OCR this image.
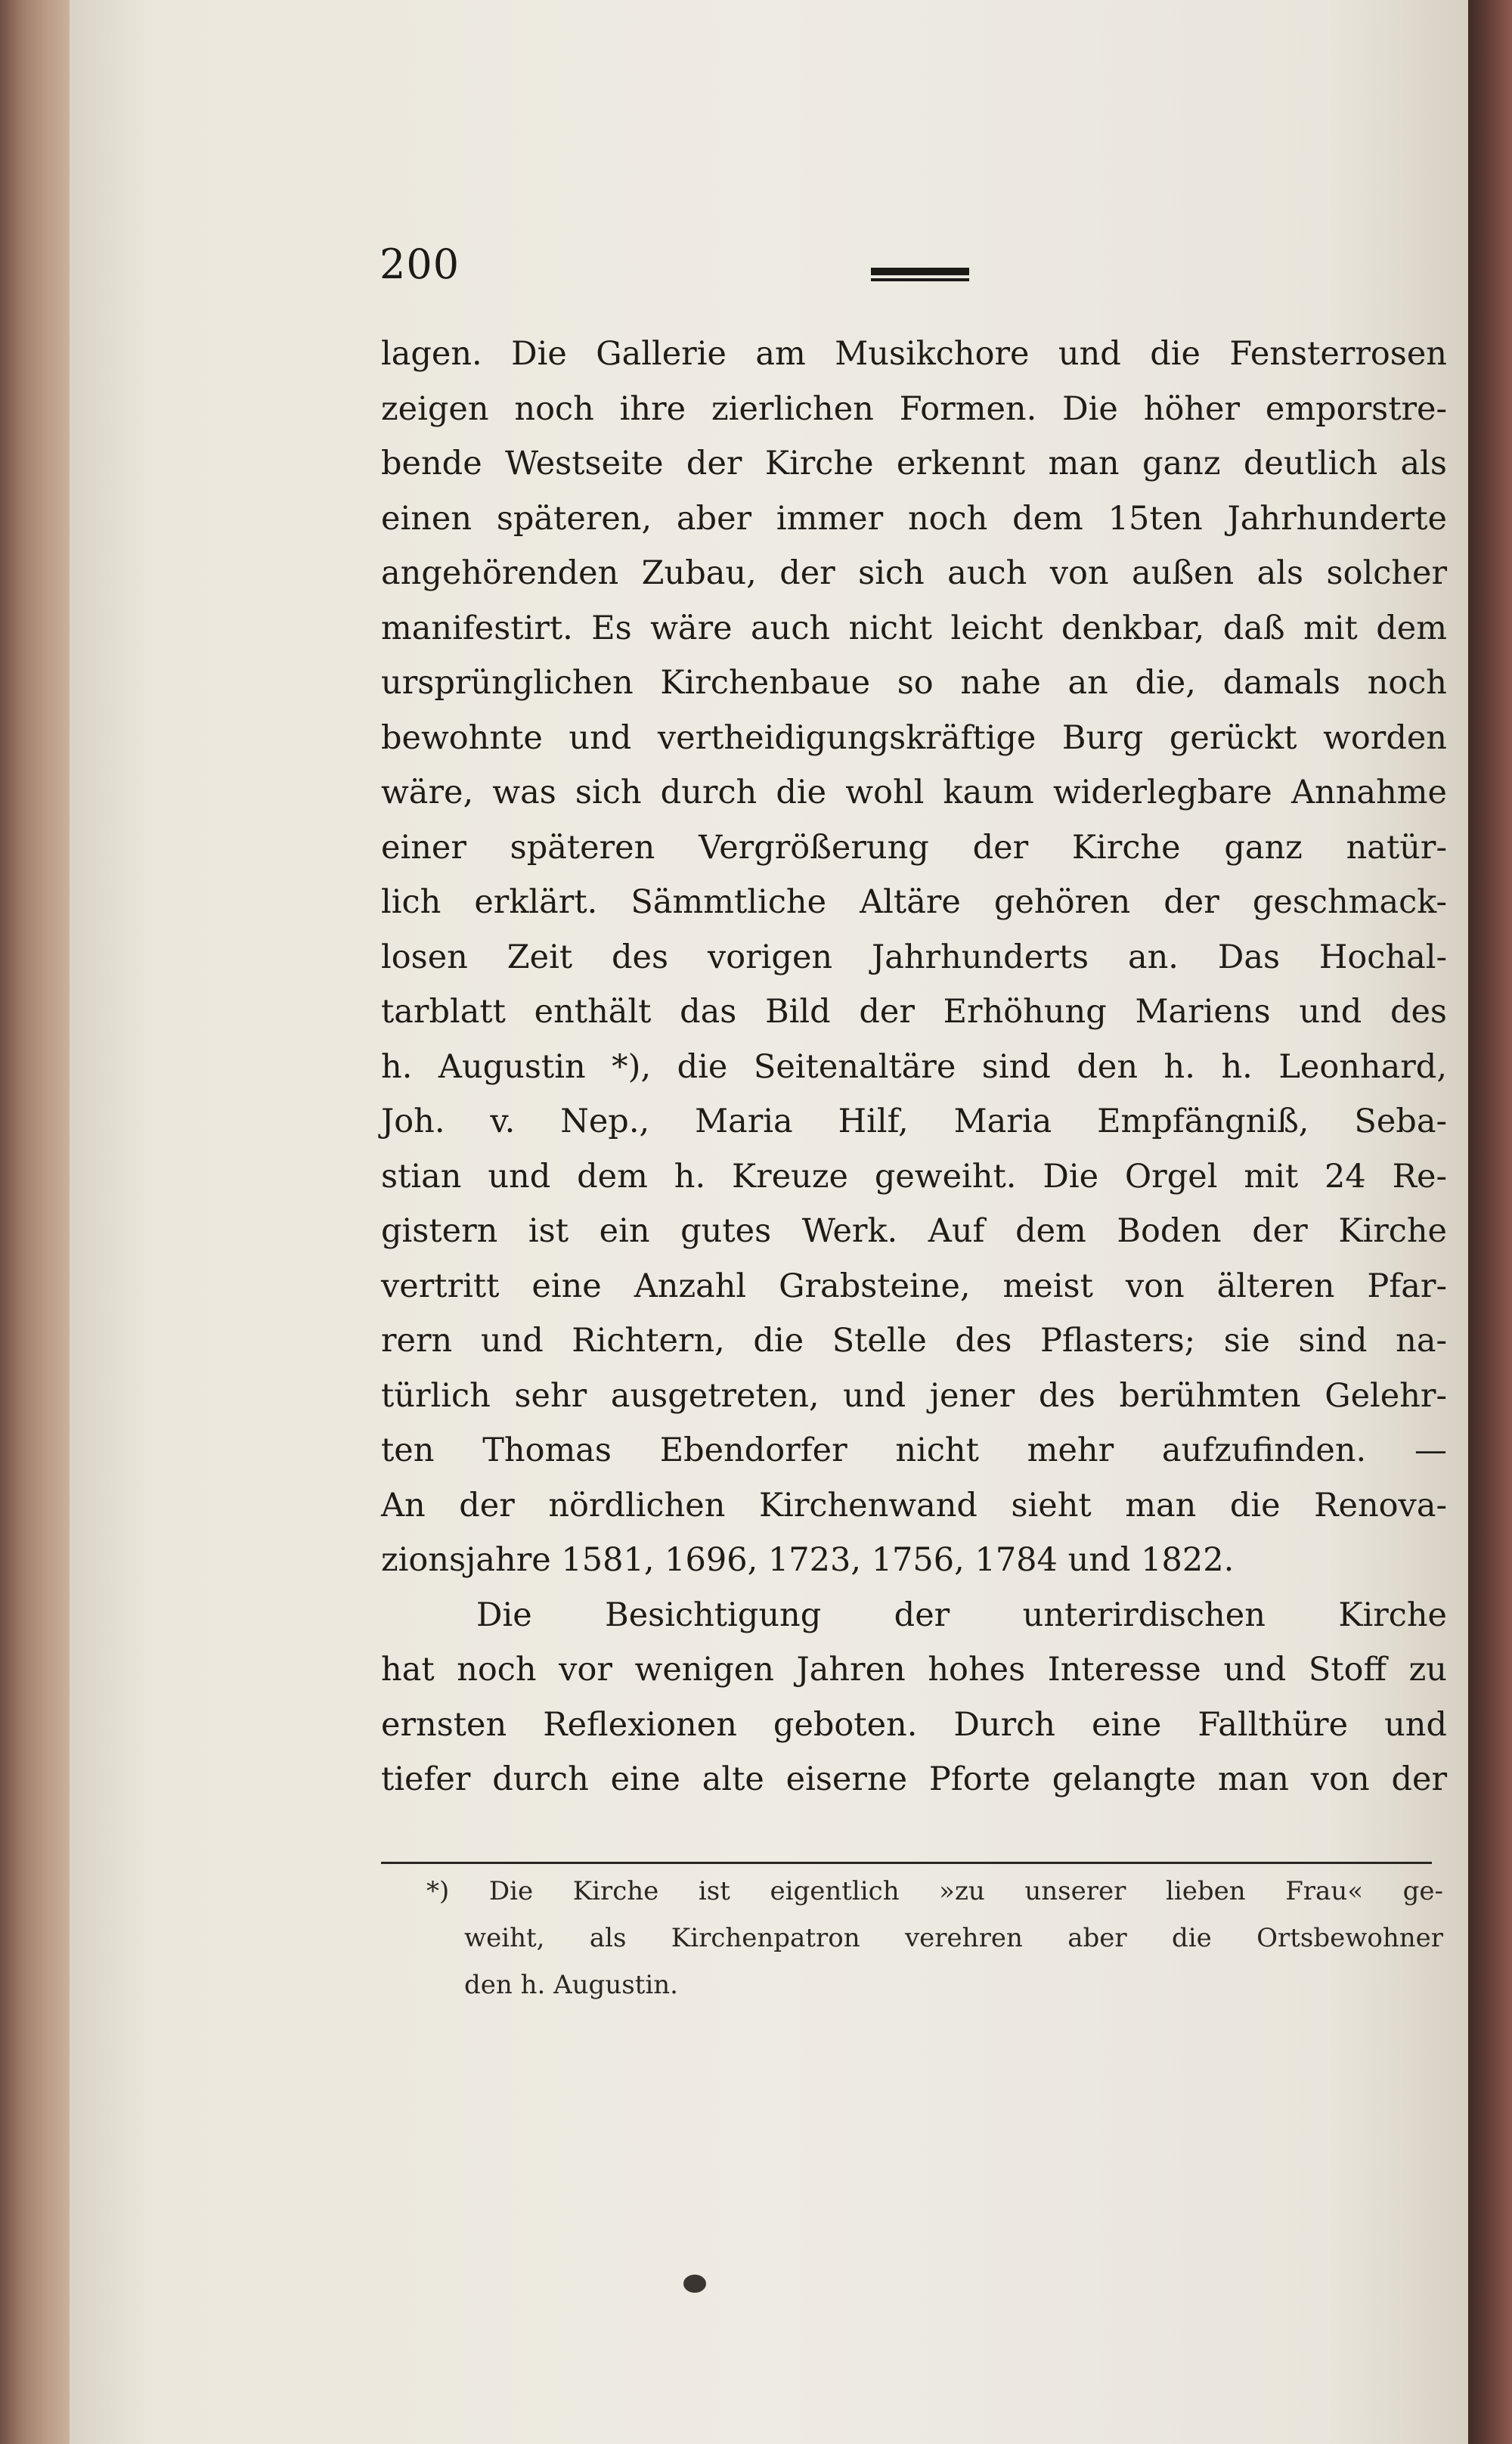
200
lagen. Die Gallerie am Musikchore und die Fensterrosen
zeigen noch ihre zierlichen Formen. Die höher emporstre-
bende Westseite der Kirche erkennt man ganz deutlich als
einen späteren, aber immer noch dem 15ten Jahrhunderte
angehörenden Zubau, der sich auch von außen als solcher
manifestirt. Es wäre auch nicht leicht denkbar, daß mit dem
ursprünglichen Kirchenbaue so nahe an die, damals noch
bewohnte und vertheidigungskräftige Burg gerückt worden
wäre, was sich durch die wohl kaum widerlegbare Annahme
einer späteren Vergrößerung der Kirche ganz natür-
lich erklärt. Sämmtliche Altäre gehören der geschmack-
losen Zeit des vorigen Jahrhunderts an. Das Hochal-
tarblatt enthält das Bild der Erhöhung Mariens und des
h. Augustin *), die Seitenaltäre sind den h. h. Leonhard,
Joh. v. Nep., Maria Hilf, Maria Empfängniß, Seba-
stian und dem h. Kreuze geweiht. Die Orgel mit 24 Re-
gistern ist ein gutes Werk. Auf dem Boden der Kirche
vertritt eine Anzahl Grabsteine, meist von älteren Pfar-
rern und Richtern, die Stelle des Pflasters; sie sind na-
türlich sehr ausgetreten, und jener des berühmten Gelehr-
ten Thomas Ebendorfer nicht mehr aufzufinden. —
An der nördlichen Kirchenwand sieht man die Renova-
zionsjahre 1581, 1696, 1723, 1756, 1784 und 1822.
Die Besichtigung der unterirdischen Kirche
hat noch vor wenigen Jahren hohes Interesse und Stoff zu
ernsten Reflexionen geboten. Durch eine Fallthüre und
tiefer durch eine alte eiserne Pforte gelangte man von der
*) Die Kirche ist eigentlich »zu unserer lieben Frau« ge-
weiht, als Kirchenpatron verehren aber die Ortsbewohner
den h. Augustin.
